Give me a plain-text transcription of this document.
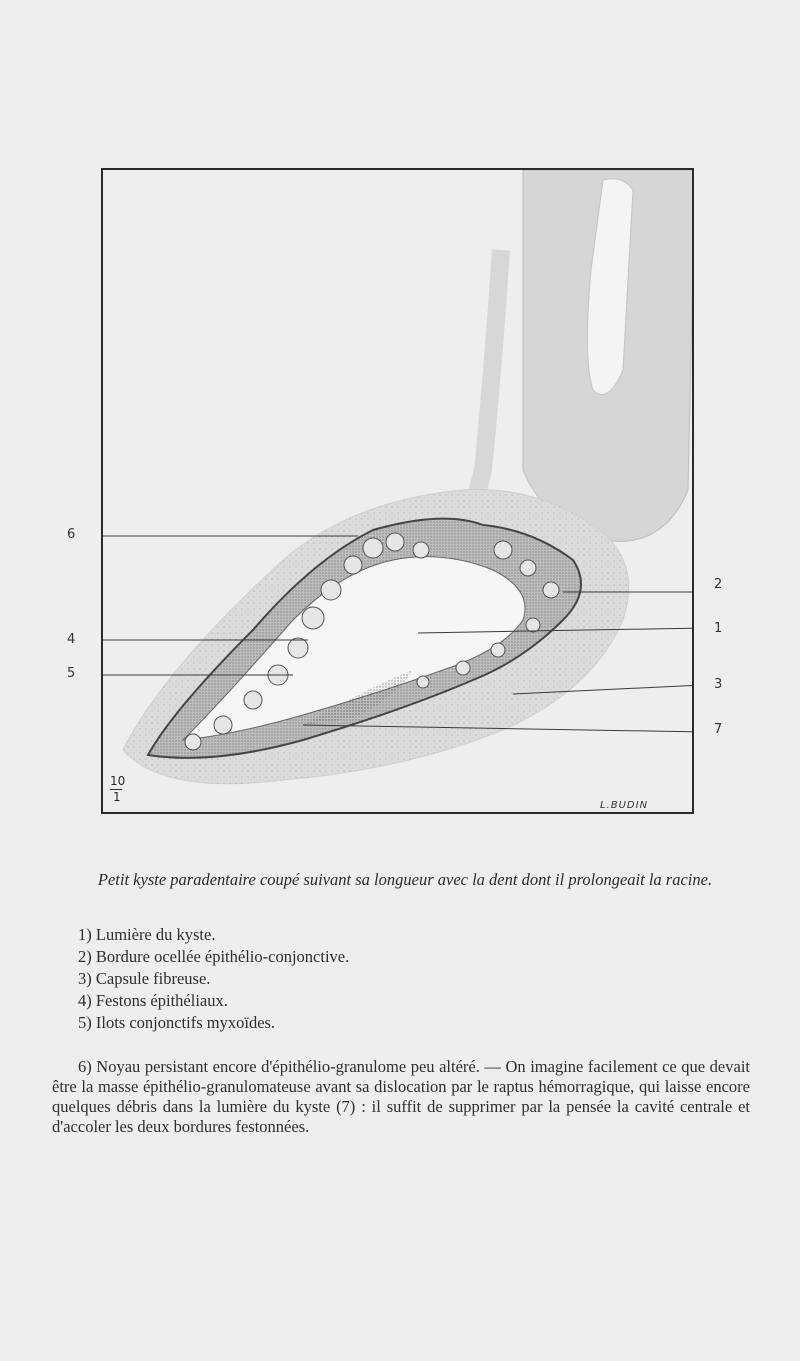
6
4
5
2
1
3
7
10
1
L.BUDIN
Petit kyste paradentaire coupé suivant sa longueur avec la dent dont il prolongeait la racine.
1) Lumière du kyste.
2) Bordure ocellée épithélio-conjonctive.
3) Capsule fibreuse.
4) Festons épithéliaux.
5) Ilots conjonctifs myxoïdes.

6) Noyau persistant encore d'épithélio-granulome peu altéré. — On imagine facilement ce que devait être la masse épithélio-granulomateuse avant sa dislocation par le raptus hémorragique, qui laisse encore quelques débris dans la lumière du kyste (7) : il suffit de supprimer par la pensée la cavité centrale et d'accoler les deux bordures festonnées.
